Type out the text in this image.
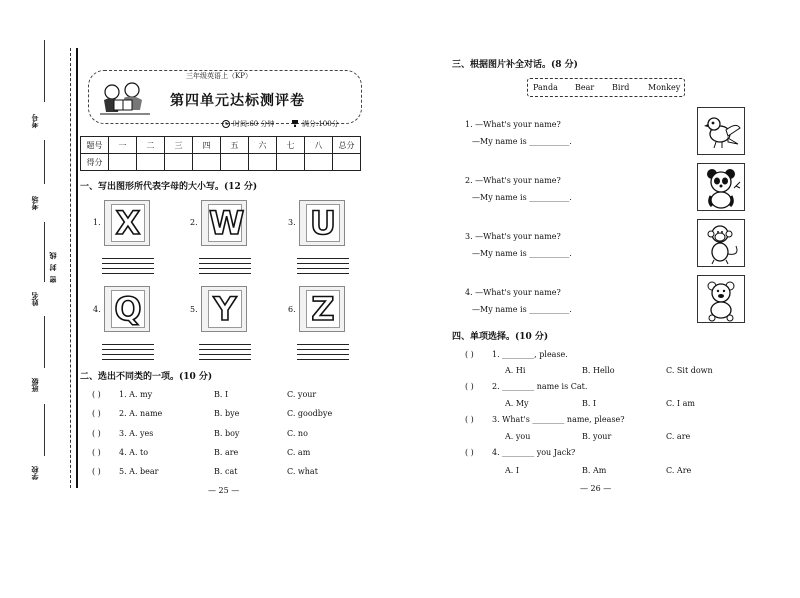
考号
考场
姓名
密
封
线
班级
学校
三年级英语上（KP）
第四单元达标测评卷
时间:60 分钟	满分:100分
题号	一	二	三	四	五	六	七	八	总分
得分									
一、写出图形所代表字母的大小写。(12 分)
1. X	2. W	3. U
4. Q	5. Y	6. Z
二、选出不同类的一项。(10 分)
( ) 1. A. my	B. I	C. your
( ) 2. A. name	B. bye	C. goodbye
( ) 3. A. yes	B. boy	C. no
( ) 4. A. to	B. are	C. am
( ) 5. A. bear	B. cat	C. what
— 25 —
三、根据图片补全对话。(8 分)
Panda Bear Bird Monkey
1. —What's your name?
—My name is __________.
2. —What's your name?
—My name is __________.
3. —What's your name?
—My name is __________.
4. —What's your name?
—My name is __________.
四、单项选择。(10 分)
( ) 1. ________, please.
A. Hi	B. Hello	C. Sit down
( ) 2. ________ name is Cat.
A. My	B. I	C. I am
( ) 3. What's ________ name, please?
A. you	B. your	C. are
( ) 4. ________ you Jack?
A. I	B. Am	C. Are
— 26 —
